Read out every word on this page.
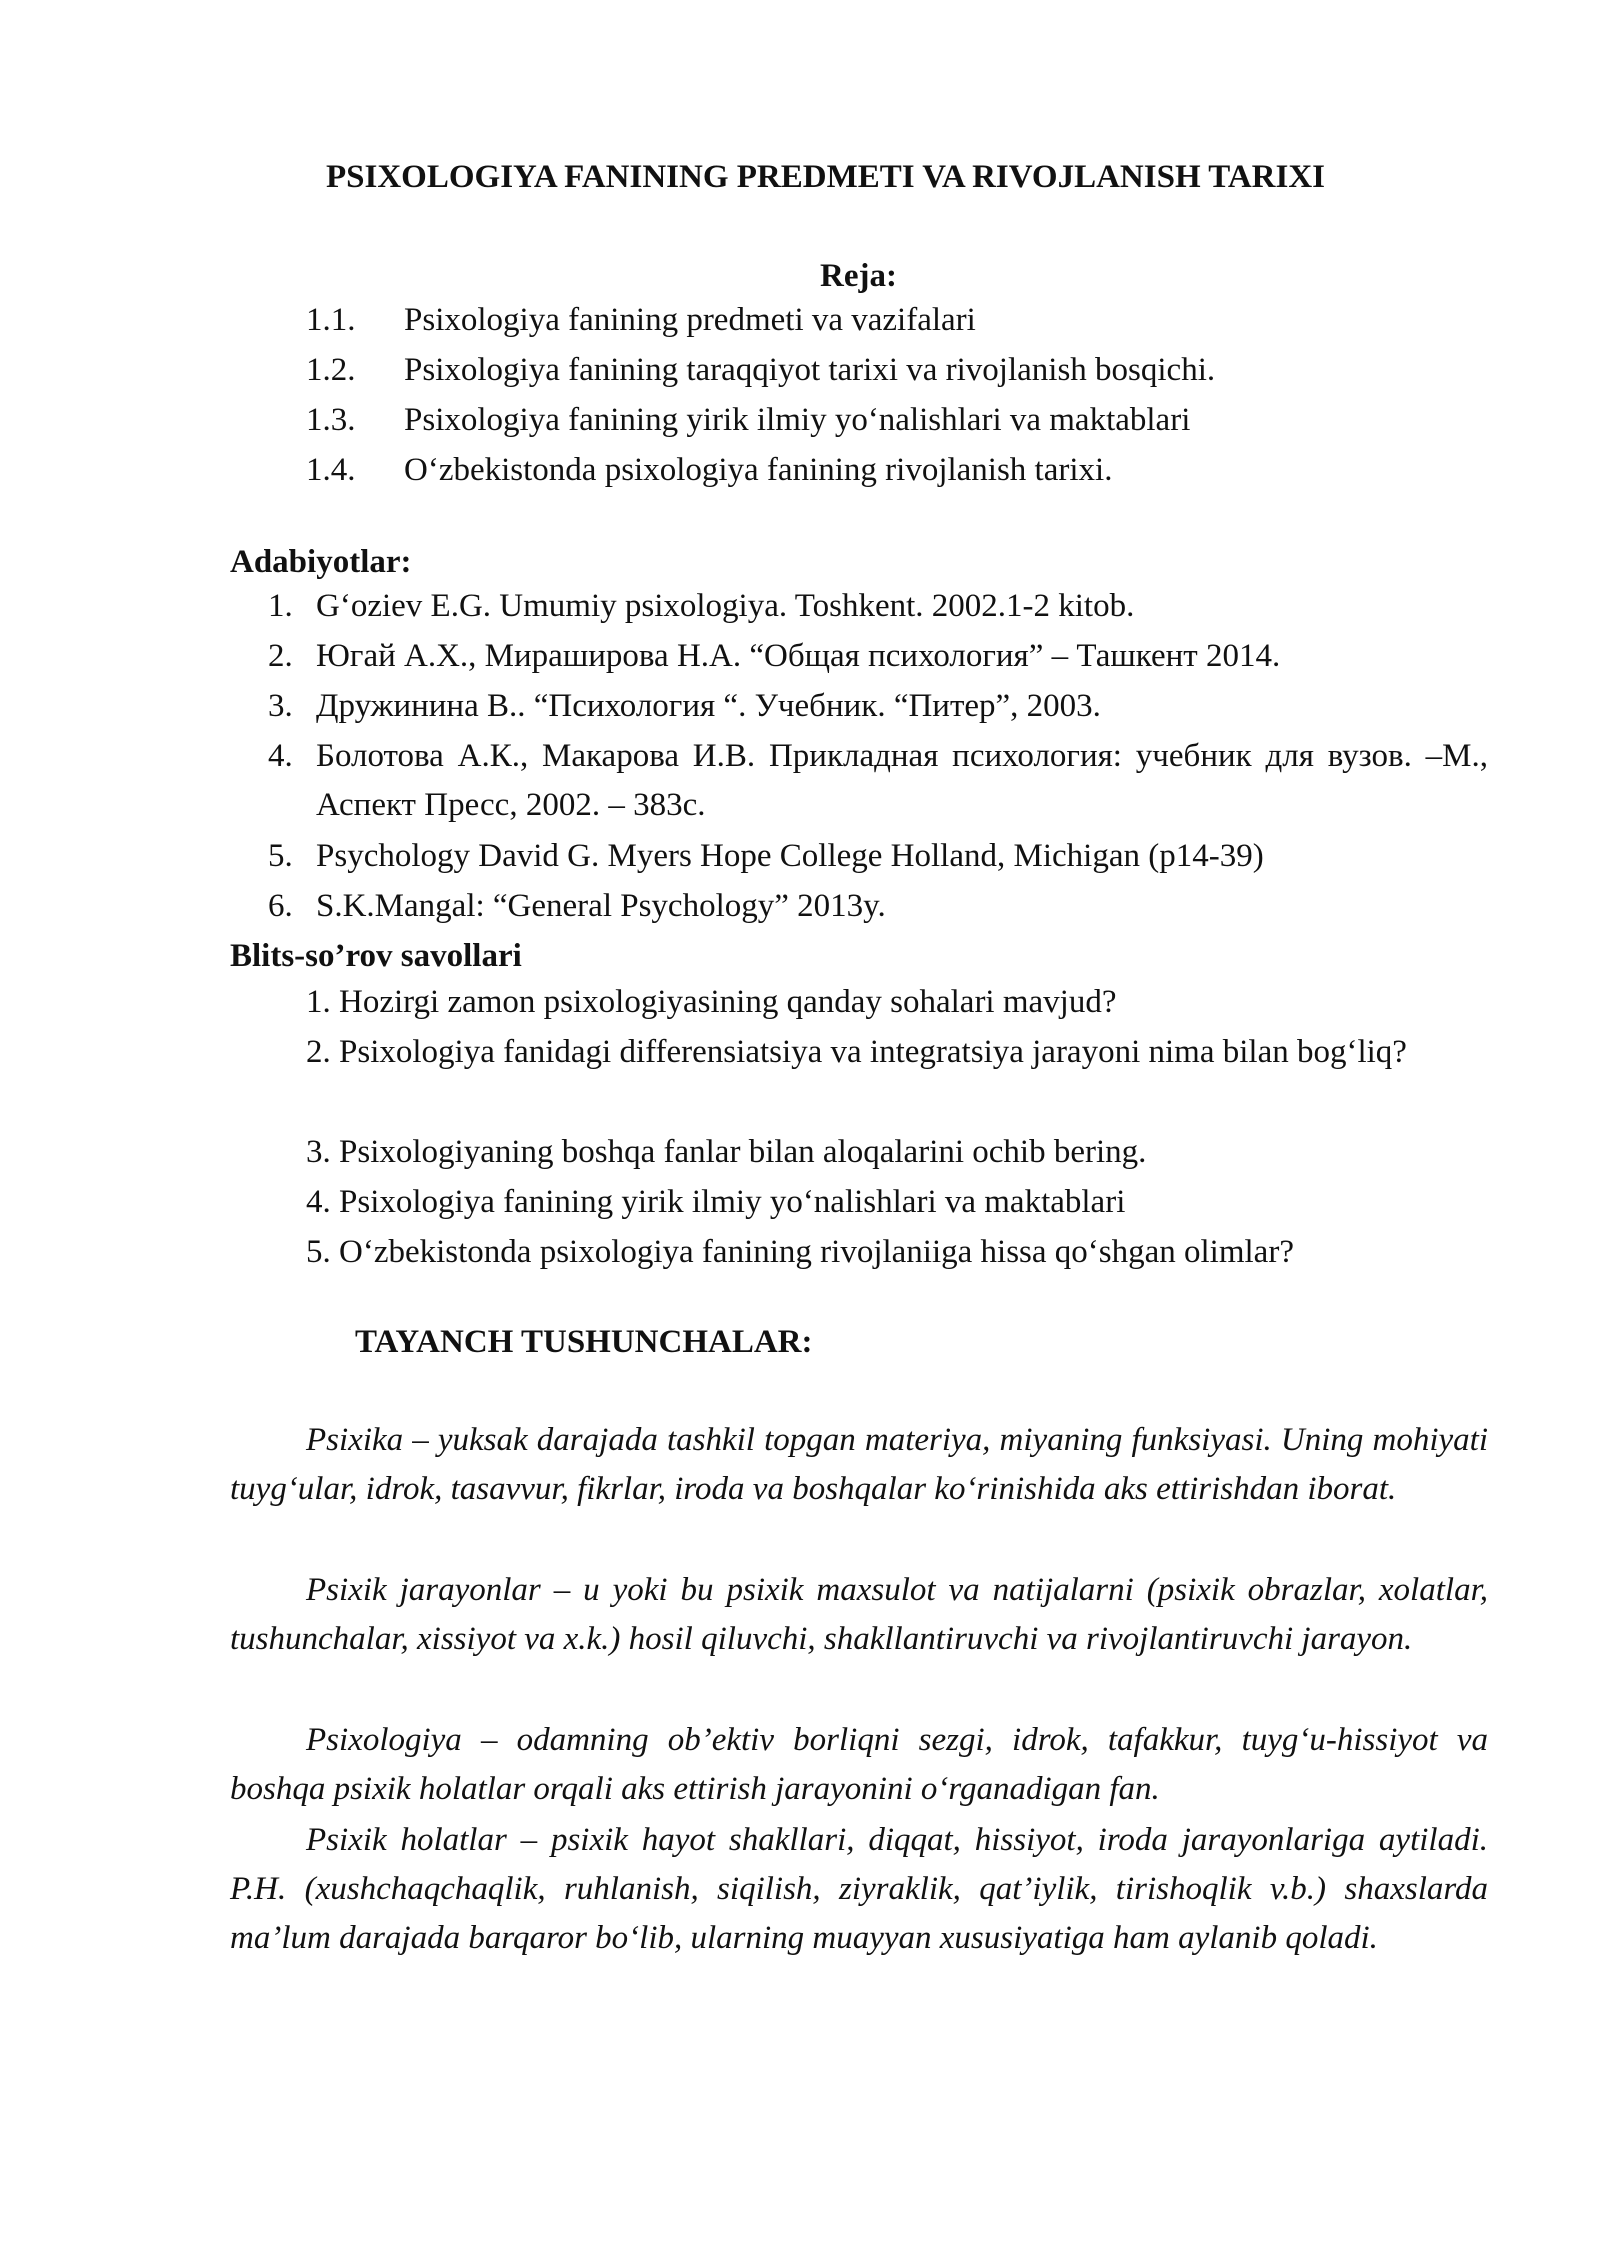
PSIXOLOGIYA FANINING PREDMETI VA RIVOJLANISH TARIXI
Reja:
1.1. Psixologiya fanining predmeti va vazifalari
1.2. Psixologiya fanining taraqqiyot tarixi va rivojlanish bosqichi.
1.3. Psixologiya fanining yirik ilmiy yo‘nalishlari va maktablari
1.4. O‘zbekistonda psixologiya fanining rivojlanish tarixi.
Adabiyotlar:
1. G‘oziev E.G. Umumiy psixologiya. Toshkent. 2002.1-2 kitob.
2. Югай А.Х., Мираширова Н.А. “Общая психология” – Ташкент 2014.
3. Дружинина В.. “Психология “. Учебник. “Питер”, 2003.
4. Болотова А.К., Макарова И.В. Прикладная психология: учебник для вузов. –М., Аспект Пресс, 2002. – 383с.
5. Psychology David G. Myers Hope College Holland, Michigan (p14-39)
6. S.K.Mangal: “General Psychology” 2013y.
Blits-so’rov savollari
1. Hozirgi zamon psixologiyasining qanday sohalari mavjud?
2. Psixologiya fanidagi differensiatsiya va integratsiya jarayoni nima bilan bog‘liq?
3. Psixologiyaning boshqa fanlar bilan aloqalarini ochib bering.
4. Psixologiya fanining yirik ilmiy yo‘nalishlari va maktablari
5. O‘zbekistonda psixologiya fanining rivojlaniiga hissa qo‘shgan olimlar?
TAYANCH TUSHUNCHALAR:
Psixika – yuksak darajada tashkil topgan materiya, miyaning funksiyasi. Uning mohiyati tuyg‘ular, idrok, tasavvur, fikrlar, iroda va boshqalar ko‘rinishida aks ettirishdan iborat.
Psixik jarayonlar – u yoki bu psixik maxsulot va natijalarni (psixik obrazlar, xolatlar, tushunchalar, xissiyot va x.k.) hosil qiluvchi, shakllantiruvchi va rivojlantiruvchi jarayon.
Psixologiya – odamning ob’ektiv borliqni sezgi, idrok, tafakkur, tuyg‘u-hissiyot va boshqa psixik holatlar orqali aks ettirish jarayonini o‘rganadigan fan.
Psixik holatlar – psixik hayot shakllari, diqqat, hissiyot, iroda jarayonlariga aytiladi. P.H. (xushchaqchaqlik, ruhlanish, siqilish, ziyraklik, qat’iylik, tirishoqlik v.b.) shaxslarda ma’lum darajada barqaror bo‘lib, ularning muayyan xususiyatiga ham aylanib qoladi.
